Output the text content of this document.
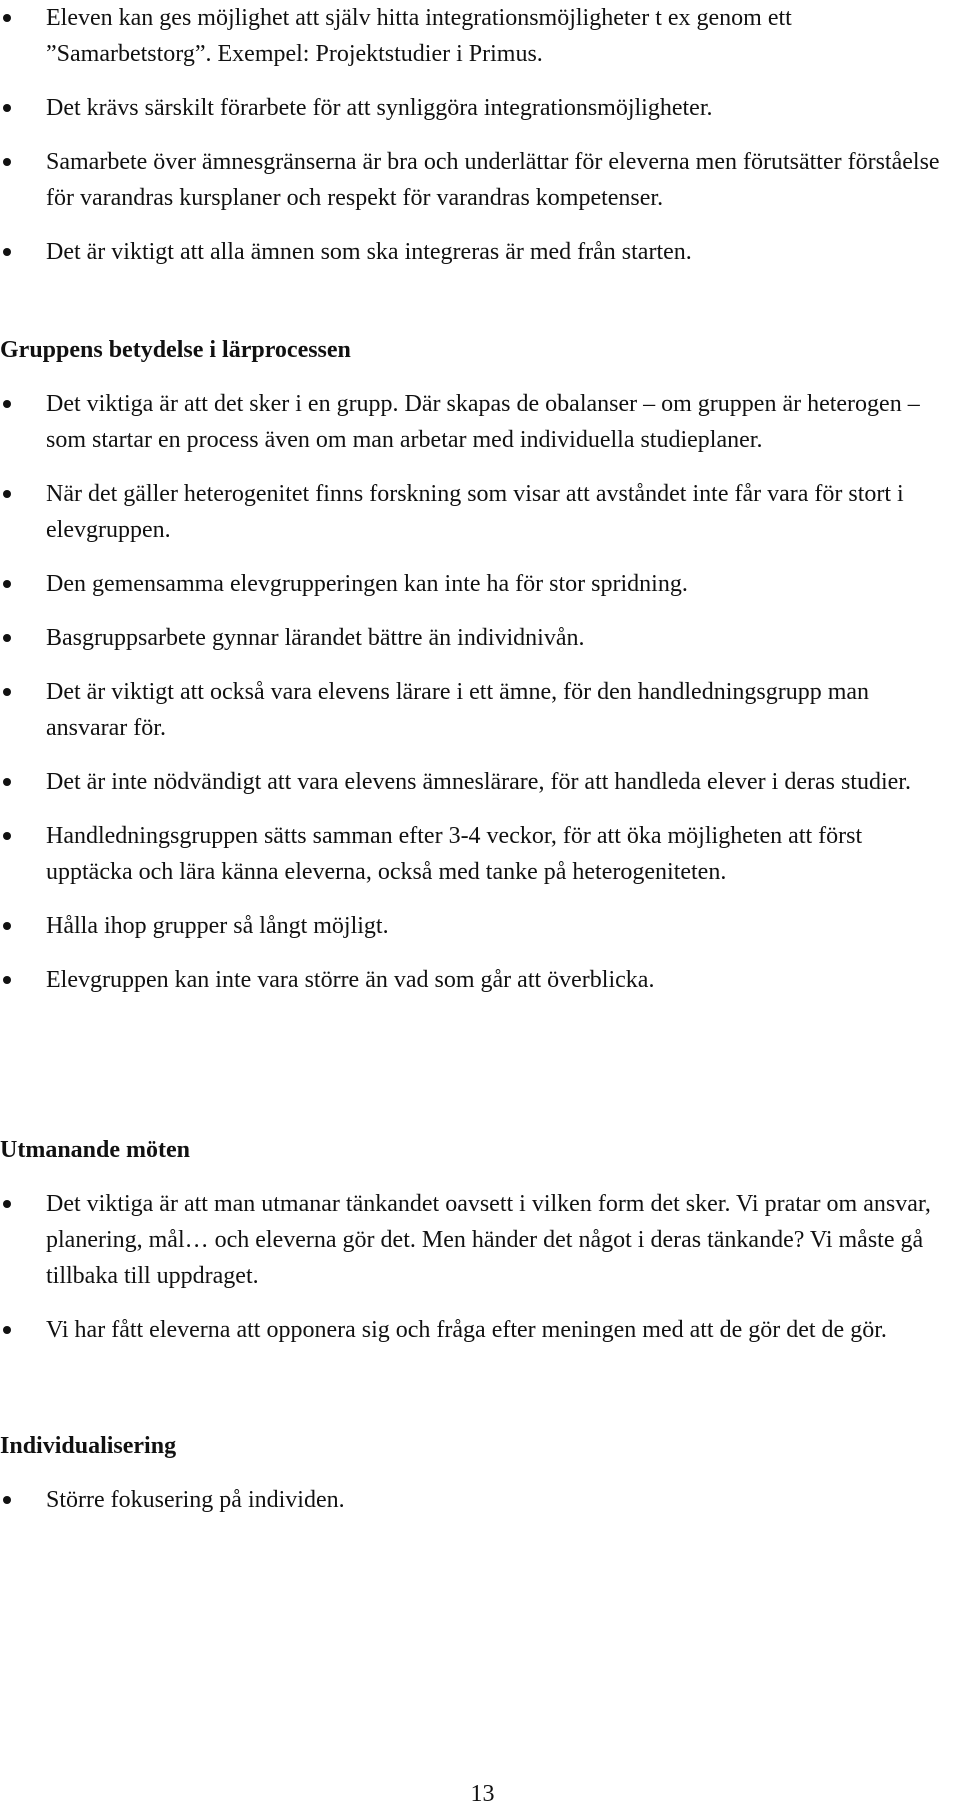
Eleven kan ges möjlighet att själv hitta integrationsmöjligheter t ex genom ett ”Samarbetstorg”. Exempel: Projektstudier i Primus.
Det krävs särskilt förarbete för att synliggöra integrationsmöjligheter.
Samarbete över ämnesgränserna är bra och underlättar för eleverna men förutsätter förståelse för varandras kursplaner och respekt för varandras kompetenser.
Det är viktigt att alla ämnen som ska integreras är med från starten.
Gruppens betydelse i lärprocessen
Det viktiga är att det sker i en grupp. Där skapas de obalanser – om gruppen är heterogen – som startar en process även om man arbetar med individuella studieplaner.
När det gäller heterogenitet finns forskning som visar att avståndet inte får vara för stort i elevgruppen.
Den gemensamma elevgrupperingen kan inte ha för stor spridning.
Basgruppsarbete gynnar lärandet bättre än individnivån.
Det är viktigt att också vara elevens lärare i ett ämne, för den handledningsgrupp man ansvarar för.
Det är inte nödvändigt att vara elevens ämneslärare, för att handleda elever i deras studier.
Handledningsgruppen sätts samman efter 3-4 veckor, för att öka möjligheten att först upptäcka och lära känna eleverna, också med tanke på heterogeniteten.
Hålla ihop grupper så långt möjligt.
Elevgruppen kan inte vara större än vad som går att överblicka.
Utmanande möten
Det viktiga är att man utmanar tänkandet oavsett i vilken form det sker. Vi pratar om ansvar, planering, mål… och eleverna gör det. Men händer det något i deras tänkande? Vi måste gå tillbaka till uppdraget.
Vi har fått eleverna att opponera sig och fråga efter meningen med att de gör det de gör.
Individualisering
Större fokusering på individen.
13
